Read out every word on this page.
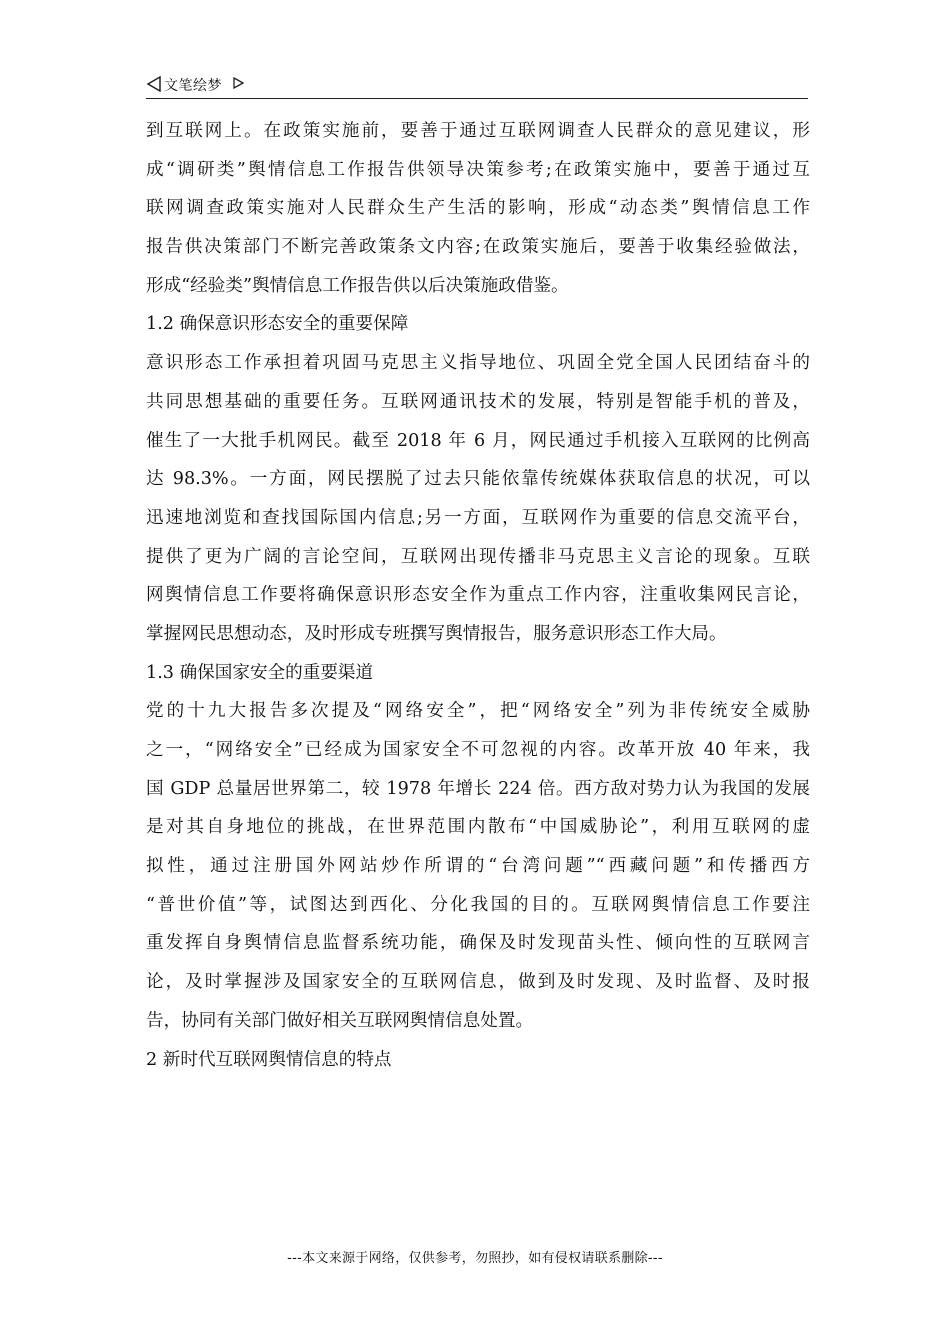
文笔绘梦
到互联网上。在政策实施前，要善于通过互联网调查人民群众的意见建议，形
成“调研类”舆情信息工作报告供领导决策参考;在政策实施中，要善于通过互
联网调查政策实施对人民群众生产生活的影响，形成“动态类”舆情信息工作
报告供决策部门不断完善政策条文内容;在政策实施后，要善于收集经验做法，
形成“经验类”舆情信息工作报告供以后决策施政借鉴。
1.2 确保意识形态安全的重要保障
意识形态工作承担着巩固马克思主义指导地位、巩固全党全国人民团结奋斗的
共同思想基础的重要任务。互联网通讯技术的发展，特别是智能手机的普及，
催生了一大批手机网民。截至 2018 年 6 月，网民通过手机接入互联网的比例高
达 98.3%。一方面，网民摆脱了过去只能依靠传统媒体获取信息的状况，可以
迅速地浏览和查找国际国内信息;另一方面，互联网作为重要的信息交流平台，
提供了更为广阔的言论空间，互联网出现传播非马克思主义言论的现象。互联
网舆情信息工作要将确保意识形态安全作为重点工作内容，注重收集网民言论，
掌握网民思想动态，及时形成专班撰写舆情报告，服务意识形态工作大局。
1.3 确保国家安全的重要渠道
党的十九大报告多次提及“网络安全”，把“网络安全”列为非传统安全威胁
之一，“网络安全”已经成为国家安全不可忽视的内容。改革开放 40 年来，我
国 GDP 总量居世界第二，较 1978 年增长 224 倍。西方敌对势力认为我国的发展
是对其自身地位的挑战，在世界范围内散布“中国威胁论”，利用互联网的虚
拟性，通过注册国外网站炒作所谓的“台湾问题”“西藏问题”和传播西方
“普世价值”等，试图达到西化、分化我国的目的。互联网舆情信息工作要注
重发挥自身舆情信息监督系统功能，确保及时发现苗头性、倾向性的互联网言
论，及时掌握涉及国家安全的互联网信息，做到及时发现、及时监督、及时报
告，协同有关部门做好相关互联网舆情信息处置。
2 新时代互联网舆情信息的特点
---本文来源于网络，仅供参考，勿照抄，如有侵权请联系删除---
